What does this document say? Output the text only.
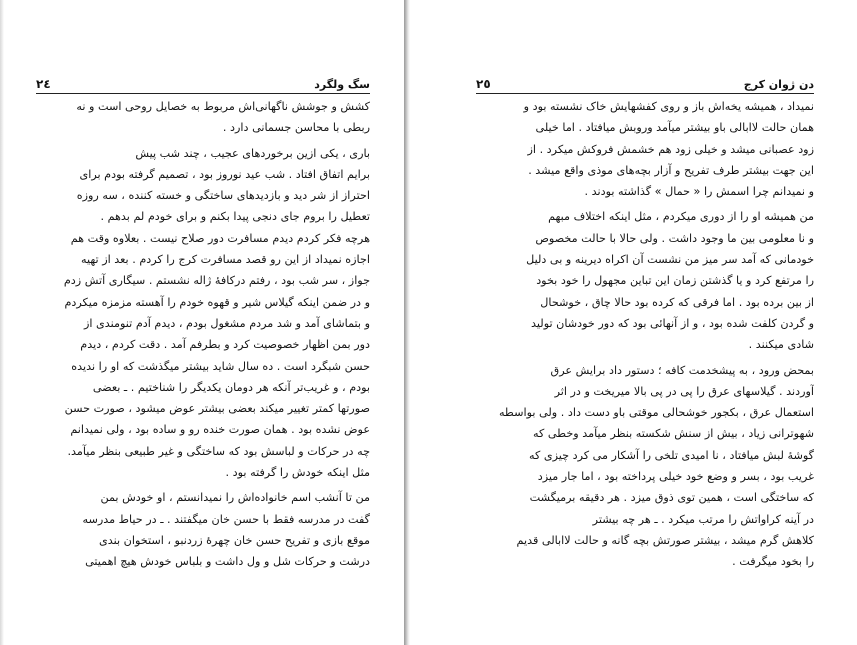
٢٤	سگ ولگرد
کشش و جوشش ناگهانی‌اش مربوط به خصایل روحی است و نه
ربطی با محاسن جسمانی دارد .
باری ، یکی ازین برخوردهای عجیب ، چند شب پیش
برایم اتفاق افتاد . شب عید نوروز بود ، تصمیم گرفته بودم برای
احتراز از شر دید و بازدیدهای ساختگی و خسته کننده ، سه روزه
تعطیل را بروم جای دنجی پیدا بکنم و برای خودم لم بدهم .
هرچه فکر کردم دیدم مسافرت دور صلاح نیست . بعلاوه وقت هم
اجازه نمیداد از این رو قصد مسافرت کرج را کردم . بعد از تهیه
جواز ، سر شب بود ، رفتم درکافهٔ ژاله نشستم . سیگاری آتش زدم
و در ضمن اینکه گیلاس شیر و قهوه خودم را آهسته مزمزه میکردم
و بتماشای آمد و شد مردم مشغول بودم ، دیدم آدم تنومندی از
دور بمن اظهار خصوصیت کرد و بطرفم آمد . دقت کردم ، دیدم
حسن شبگرد است . ده سال شاید بیشتر میگذشت که او را ندیده
بودم ، و غریب‌تر آنکه هر دومان یکدیگر را شناختیم . ـ بعضی
صورتها کمتر تغییر میکند بعضی بیشتر عوض میشود ، صورت حسن
عوض نشده بود . همان صورت خنده رو و ساده بود ، ولی نمیدانم
چه در حرکات و لباسش بود که ساختگی و غیر طبیعی بنظر میآمد.
مثل اینکه خودش را گرفته بود .
من تا آنشب اسم خانواده‌اش را نمیدانستم ، او خودش بمن
گفت در مدرسه فقط با حسن خان میگفتند . ـ در حیاط مدرسه
موقع بازی و تفریح حسن خان چهرهٔ زردنبو ، استخوان بندی
درشت و حرکات شل و ول داشت و بلباس خودش هیچ اهمیتی
٢٥	دن ژوان کرج
نمیداد ، همیشه یخه‌اش باز و روی کفشهایش خاک نشسته بود و
همان حالت لاابالی باو بیشتر میآمد وروبش میافتاد . اما خیلی
زود عصبانی میشد و خیلی زود هم خشمش فروکش میکرد . از
این جهت بیشتر طرف تفریح و آزار بچه‌های موذی واقع میشد .
و نمیدانم چرا اسمش را « حمال » گذاشته بودند .
من همیشه او را از دوری میکردم ، مثل اینکه اختلاف مبهم
و نا معلومی بین ما وجود داشت . ولی حالا با حالت مخصوص
خودمانی که آمد سر میز من نشست آن اکراه دیرینه و بی دلیل
را مرتفع کرد و یا گذشتن زمان این تباین مجهول را خود بخود
از بین برده بود . اما فرقی که کرده بود حالا چاق ، خوشحال
و گردن کلفت شده بود ، و از آنهائی بود که دور خودشان تولید
شادی میکنند .
بمحض ورود ، به پیشخدمت کافه ؛ دستور داد برایش عرق
آوردند . گیلاسهای عرق را پی در پی بالا میریخت و در اثر
استعمال عرق ، بکجور خوشحالی موقتی باو دست داد . ولی بواسطه
شهوترانی زیاد ، بیش از سنش شکسته بنظر میآمد وخطی که
گوشهٔ لبش میافتاد ، نا امیدی تلخی را آشکار می کرد چیزی که
غریب بود ، بسر و وضع خود خیلی پرداخته بود ، اما جار میزد
که ساختگی است ، همین توی ذوق میزد . هر دقیقه برمیگشت
در آینه کراواتش را مرتب میکرد . ـ هر چه بیشتر
کلاهش گرم میشد ، بیشتر صورتش بچه گانه و حالت لاابالی قدیم
را بخود میگرفت .
